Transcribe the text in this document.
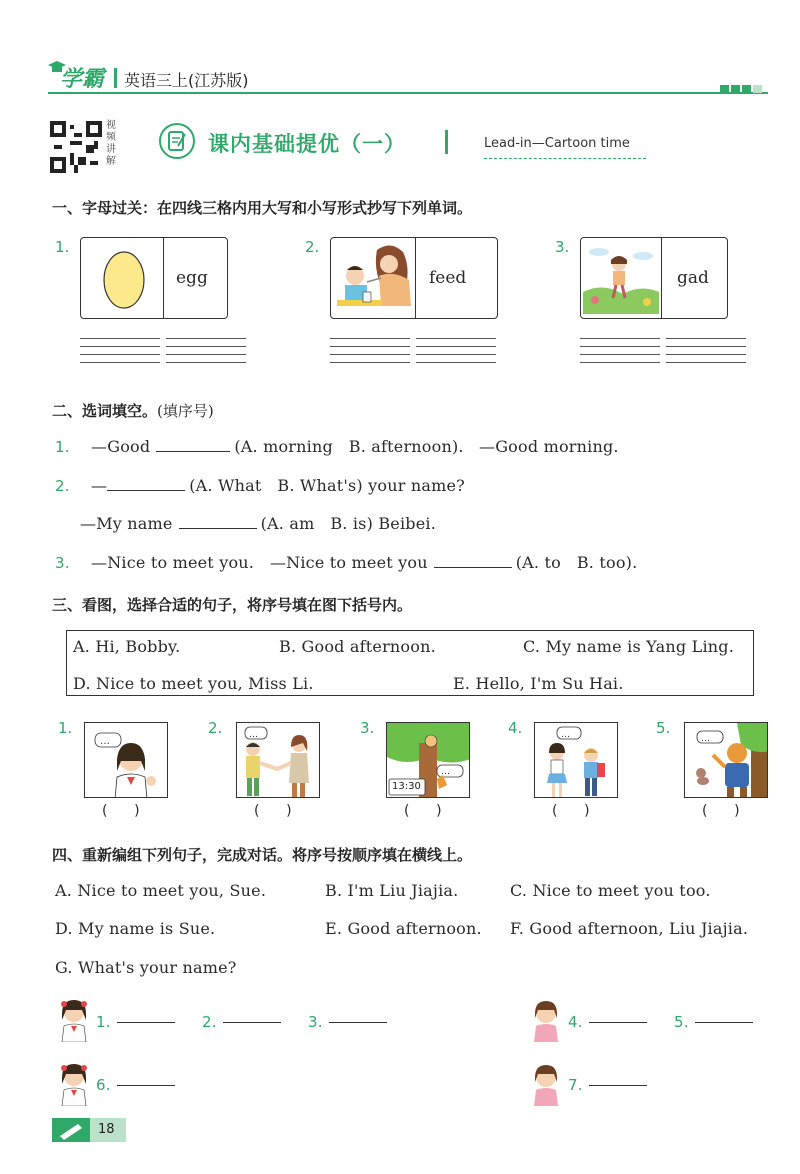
学霸 英语三上(江苏版)
视频讲解
课内基础提优（一）	Lead-in—Cartoon time
一、字母过关：在四线三格内用大写和小写形式抄写下列单词。
1.
egg
2.
feed
3.
gad
二、选词填空。(填序号)
1. —Good	(A. morning   B. afternoon). —Good morning.
2. —	(A. What   B. What's) your name?
—My name	(A. am   B. is) Beibei.
3. —Nice to meet you.   —Nice to meet you	(A. to   B. too).
三、看图，选择合适的句子，将序号填在图下括号内。
A. Hi, Bobby.	B. Good afternoon.	C. My name is Yang Ling.
D. Nice to meet you, Miss Li.	E. Hello, I'm Su Hai.
1.
…
(      )
2.	…
(      )
3.
…
13:30
(      )
4.	…
(      )
5.
…
(      )
四、重新编组下列句子，完成对话。将序号按顺序填在横线上。
A. Nice to meet you, Sue.	B. I'm Liu Jiajia.	C. Nice to meet you too.
D. My name is Sue.	E. Good afternoon. F. Good afternoon, Liu Jiajia.
G. What's your name?
1.	2.	3.	4.	5.
6.	7.
18
